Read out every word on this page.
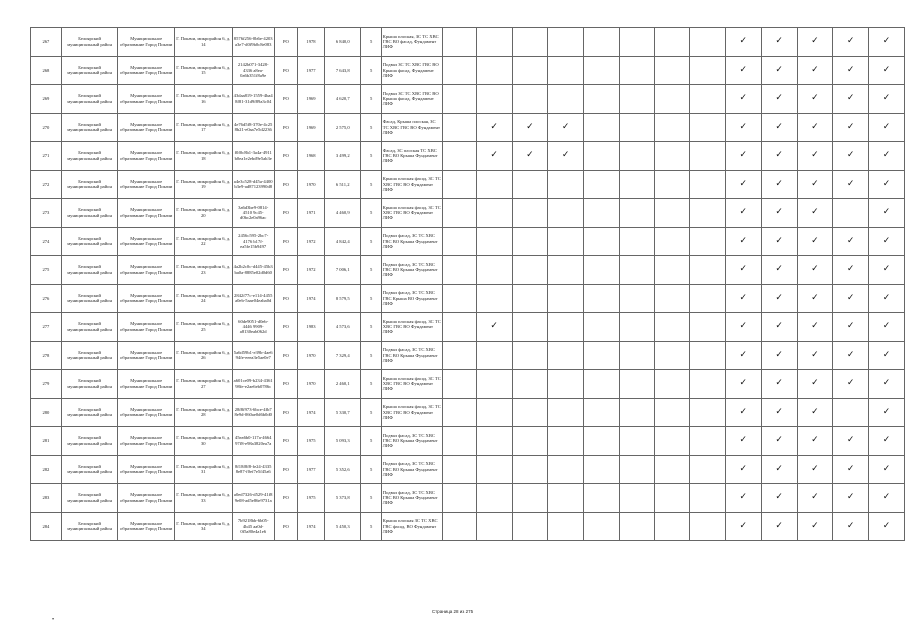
267	Белоярский муниципальный район	Муниципальное образование Город Покачи	Г. Покачи, микрорайон 6, д. 14	8576f256-0b6e-4203 a3e7-d0f9b0c8e083	РО	1978	6 840,0	5	Крыша плоская, ЗС ТС ХВС ГВС ВО фасад, Фундамент ЛИФ									✓	✓	✓	✓	✓
268	Белоярский муниципальный район	Муниципальное образование Город Покачи	Г. Покачи, микрорайон 6, д. 15	2142b071-3428-4336 a8ea-0a6b351f8a9e	РО	1977	7 643,8	5	Подвал ЗС ТС ХВС ГВС ВО Крыша фасад, Фундамент ЛИФ									✓	✓	✓	✓	✓
269	Белоярский муниципальный район	Муниципальное образование Город Покачи	Г. Покачи, микрорайон 6, д. 16	43daa819-1559-4ba4 8f81-31d9f89a3c04	РО	1969	4 620,7	5	Подвал ЗС ТС ХВС ГВС ВО Крыша фасад, Фундамент ЛИФ									✓	✓	✓	✓	✓
270	Белоярский муниципальный район	Муниципальное образование Город Покачи	Г. Покачи, микрорайон 6, д. 17	4e76d5f8-370e-4c25 8b21-e0aa7e5d2236	РО	1969	2 575,0	5	Фасад, Крыша плоская, ЗС ТС ХВС ГВС ВО Фундамент ЛИФ		✓	✓	✓					✓	✓	✓	✓	✓
271	Белоярский муниципальный район	Муниципальное образование Город Покачи	Г. Покачи, микрорайон 6, д. 18	f0f0c8b1-3a4a-4911 b0ea1e2ebd9e5ab3e	РО	1968	3 499,2	5	Фасад, ЗС плоская ТС ХВС ГВС ВО Крыша Фундамент ЛИФ		✓	✓	✓					✓	✓	✓	✓	✓
272	Белоярский муниципальный район	Муниципальное образование Город Покачи	Г. Покачи, микрорайон 6, д. 19	a4e3c528-d45a-4400 b3e9-ad87123990d8	РО	1970	6 511,2	5	Крыша плоская фасад, ЗС ТС ХВС ГВС ВО Фундамент ЛИФ									✓	✓	✓	✓	✓
273	Белоярский муниципальный район	Муниципальное образование Город Покачи	Г. Покачи, микрорайон 6, д. 20	3a6d3be9-0814-4510 9c45-d0bc2e0a96ac	РО	1971	4 460,9	5	Крыша плоская фасад, ЗС ТС ХВС ГВС ВО Фундамент ЛИФ									✓	✓	✓		✓
274	Белоярский муниципальный район	Муниципальное образование Город Покачи	Г. Покачи, микрорайон 6, д. 22	2456c595-2bc7-4176 b17f-ea5fe15b9497	РО	1972	4 842,4	5	Подвал фасад, ЗС ТС ХВС ГВС ВО Крыша Фундамент ЛИФ									✓	✓	✓	✓	✓
275	Белоярский муниципальный район	Муниципальное образование Город Покачи	Г. Покачи, микрорайон 6, д. 23	4a2b2c0c-d445-45b3 ba0a-8885e02d0d60	РО	1972	7 006,1	5	Подвал фасад, ЗС ТС ХВС ГВС ВО Крыша Фундамент ЛИФ									✓	✓	✓	✓	✓
276	Белоярский муниципальный район	Муниципальное образование Город Покачи	Г. Покачи, микрорайон 6, д. 24	2842f77c-e114-4455 a0eb-5aae04eaba0d	РО	1974	8 579,5	5	Подвал фасад, ЗС ТС ХВС ГВС Крыша ВО Фундамент ЛИФ									✓	✓	✓	✓	✓
277	Белоярский муниципальный район	Муниципальное образование Город Покачи	Г. Покачи, микрорайон 6, д. 25	60de9051-d0eb-4446 9909-a8130eab062d	РО	1983	4 573,6	5	Крыша плоская фасад, ЗС ТС ХВС ГВС ВО Фундамент ЛИФ		✓							✓	✓	✓	✓	✓
278	Белоярский муниципальный район	Муниципальное образование Город Покачи	Г. Покачи, микрорайон 6, д. 26	5a6d59b1-e39b-4ae6 94fe-eeea3e5ae0e7	РО	1970	7 329,4	5	Подвал фасад, ЗС ТС ХВС ГВС ВО Крыша Фундамент ЛИФ									✓	✓	✓	✓	✓
279	Белоярский муниципальный район	Муниципальное образование Город Покачи	Г. Покачи, микрорайон 6, д. 27	a601ce09-b234-4361 98fe-e2ae6eb0786c	РО	1970	2 460,1	5	Крыша плоская фасад, ЗС ТС ХВС ГВС ВО Фундамент ЛИФ									✓	✓	✓	✓	✓
280	Белоярский муниципальный район	Муниципальное образование Город Покачи	Г. Покачи, микрорайон 6, д. 28	28f8f973-6bce-4fb7 8e9d-060ae0d6b0d0	РО	1974	5 330,7	5	Крыша плоская фасад, ЗС ТС ХВС ГВС ВО Фундамент ЛИФ									✓	✓	✓		✓
281	Белоярский муниципальный район	Муниципальное образование Город Покачи	Г. Покачи, микрорайон 6, д. 30	45ea6b0-117a-4664 97f8-e98a3820ea7a	РО	1975	5 093,3	5	Подвал фасад, ЗС ТС ХВС ГВС ВО Крыша Фундамент ЛИФ									✓	✓	✓	✓	✓
282	Белоярский муниципальный район	Муниципальное образование Город Покачи	Г. Покачи, микрорайон 6, д. 31	8f18f8f8-fe24-4335 8e87-f0ef7e5f45a6	РО	1977	5 352,6	5	Подвал фасад, ЗС ТС ХВС ГВС ВО Крыша Фундамент ЛИФ									✓	✓	✓	✓	✓
283	Белоярский муниципальный район	Муниципальное образование Город Покачи	Г. Покачи, микрорайон 6, д. 33	a0ed7326-d529-41f8 9e08-ad5e86e9731a	РО	1975	5 373,8	5	Подвал фасад, ЗС ТС ХВС ГВС ВО Крыша Фундамент ЛИФ									✓	✓	✓	✓	✓
284	Белоярский муниципальный район	Муниципальное образование Город Покачи	Г. Покачи, микрорайон 6, д. 34	7b9218bb-6b05-4b45 aa0d-0f5a80e4a1e6	РО	1974	5 450,3	5	Крыша плоская ЗС ТС ХВС ГВС фасад, ВО Фундамент ЛИФ									✓	✓	✓	✓	✓
Страница 28 из 275
•
